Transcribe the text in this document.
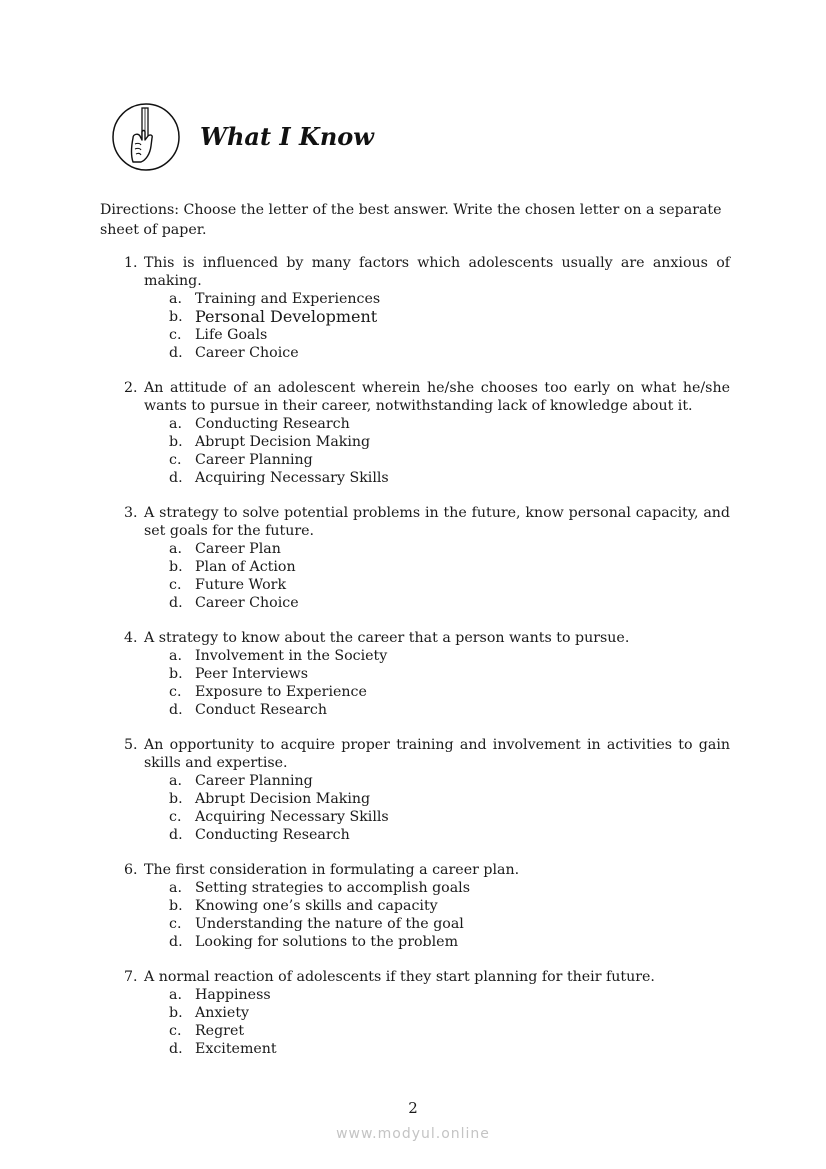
What I Know

Directions: Choose the letter of the best answer. Write the chosen letter on a separate sheet of paper.

1. This is influenced by many factors which adolescents usually are anxious of making.
a. Training and Experiences
b. Personal Development
c. Life Goals
d. Career Choice
2. An attitude of an adolescent wherein he/she chooses too early on what he/she wants to pursue in their career, notwithstanding lack of knowledge about it.
a. Conducting Research
b. Abrupt Decision Making
c. Career Planning
d. Acquiring Necessary Skills
3. A strategy to solve potential problems in the future, know personal capacity, and set goals for the future.
a. Career Plan
b. Plan of Action
c. Future Work
d. Career Choice
4. A strategy to know about the career that a person wants to pursue.
a. Involvement in the Society
b. Peer Interviews
c. Exposure to Experience
d. Conduct Research
5. An opportunity to acquire proper training and involvement in activities to gain skills and expertise.
a. Career Planning
b. Abrupt Decision Making
c. Acquiring Necessary Skills
d. Conducting Research
6. The first consideration in formulating a career plan.
a. Setting strategies to accomplish goals
b. Knowing one’s skills and capacity
c. Understanding the nature of the goal
d. Looking for solutions to the problem
7. A normal reaction of adolescents if they start planning for their future.
a. Happiness
b. Anxiety
c. Regret
d. Excitement

2

www.modyul.online
